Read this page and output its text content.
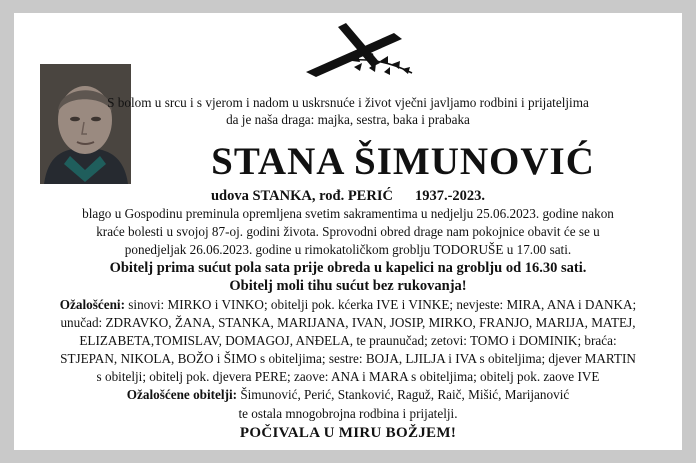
S bolom u srcu i s vjerom i nadom u uskrsnuće i život vječni javljamo rodbini i prijateljima
da je naša draga: majka, sestra, baka i prabaka
STANA ŠIMUNOVIĆ
udova STANKA, rođ. PERIĆ 1937.-2023.
blago u Gospodinu preminula opremljena svetim sakramentima u nedjelju 25.06.2023. godine nakon
kraće bolesti u svojoj 87-oj. godini života. Sprovodni obred drage nam pokojnice obavit će se u
ponedjeljak 26.06.2023. godine u rimokatoličkom groblju TODORUŠE u 17.00 sati.
Obitelj prima sućut pola sata prije obreda u kapelici na groblju od 16.30 sati.
Obitelj moli tihu sućut bez rukovanja!
Ožalošćeni: sinovi: MIRKO i VINKO; obitelji pok. kćerka IVE i VINKE; nevjeste: MIRA, ANA i DANKA;
unučad: ZDRAVKO, ŽANA, STANKA, MARIJANA, IVAN, JOSIP, MIRKO, FRANJO, MARIJA, MATEJ,
ELIZABETA,TOMISLAV, DOMAGOJ, ANĐELA, te praunučad; zetovi: TOMO i DOMINIK; braća:
STJEPAN, NIKOLA, BOŽO i ŠIMO s obiteljima; sestre: BOJA, LJILJA i IVA s obiteljima; djever MARTIN
s obitelji; obitelj pok. djevera PERE; zaove: ANA i MARA s obiteljima; obitelj pok. zaove IVE
Ožalošćene obitelji: Šimunović, Perić, Stanković, Raguž, Raič, Mišić, Marijanović
te ostala mnogobrojna rodbina i prijatelji.
POČIVALA U MIRU BOŽJEM!
